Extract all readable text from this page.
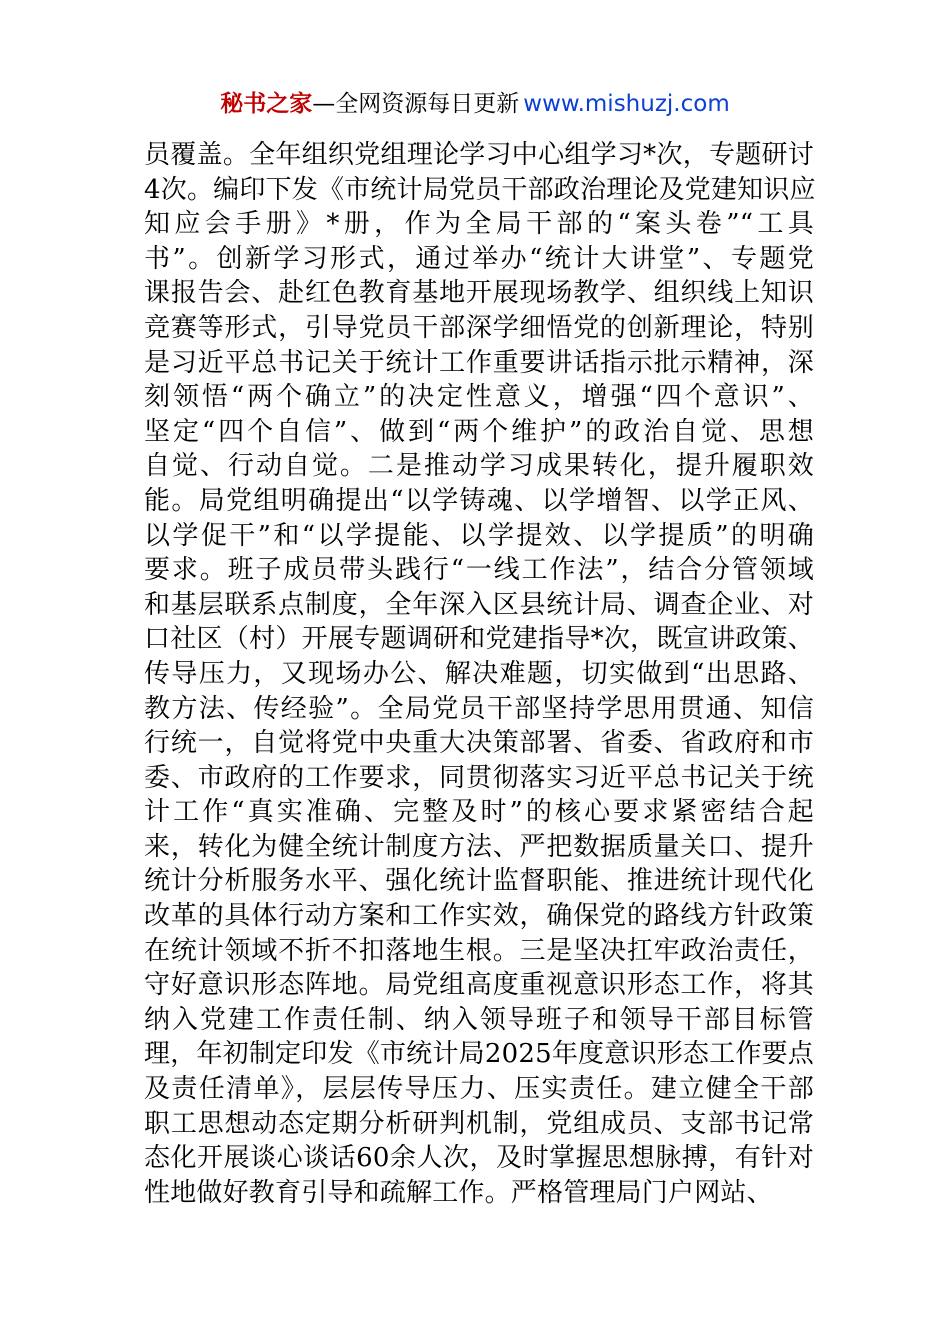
秘书之家—全网资源每日更新 www.mishuzj.com
员覆盖。全年组织党组理论学习中心组学习*次，专题研讨
4次。编印下发《市统计局党员干部政治理论及党建知识应
知应会手册》*册，作为全局干部的“案头卷”“工具
书”。创新学习形式，通过举办“统计大讲堂”、专题党
课报告会、赴红色教育基地开展现场教学、组织线上知识
竞赛等形式，引导党员干部深学细悟党的创新理论，特别
是习近平总书记关于统计工作重要讲话指示批示精神，深
刻领悟“两个确立”的决定性意义，增强“四个意识”、
坚定“四个自信”、做到“两个维护”的政治自觉、思想
自觉、行动自觉。二是推动学习成果转化，提升履职效
能。局党组明确提出“以学铸魂、以学增智、以学正风、
以学促干”和“以学提能、以学提效、以学提质”的明确
要求。班子成员带头践行“一线工作法”，结合分管领域
和基层联系点制度，全年深入区县统计局、调查企业、对
口社区（村）开展专题调研和党建指导*次，既宣讲政策、
传导压力，又现场办公、解决难题，切实做到“出思路、
教方法、传经验”。全局党员干部坚持学思用贯通、知信
行统一，自觉将党中央重大决策部署、省委、省政府和市
委、市政府的工作要求，同贯彻落实习近平总书记关于统
计工作“真实准确、完整及时”的核心要求紧密结合起
来，转化为健全统计制度方法、严把数据质量关口、提升
统计分析服务水平、强化统计监督职能、推进统计现代化
改革的具体行动方案和工作实效，确保党的路线方针政策
在统计领域不折不扣落地生根。三是坚决扛牢政治责任，
守好意识形态阵地。局党组高度重视意识形态工作，将其
纳入党建工作责任制、纳入领导班子和领导干部目标管
理，年初制定印发《市统计局2025年度意识形态工作要点
及责任清单》，层层传导压力、压实责任。建立健全干部
职工思想动态定期分析研判机制，党组成员、支部书记常
态化开展谈心谈话60余人次，及时掌握思想脉搏，有针对
性地做好教育引导和疏解工作。严格管理局门户网站、
